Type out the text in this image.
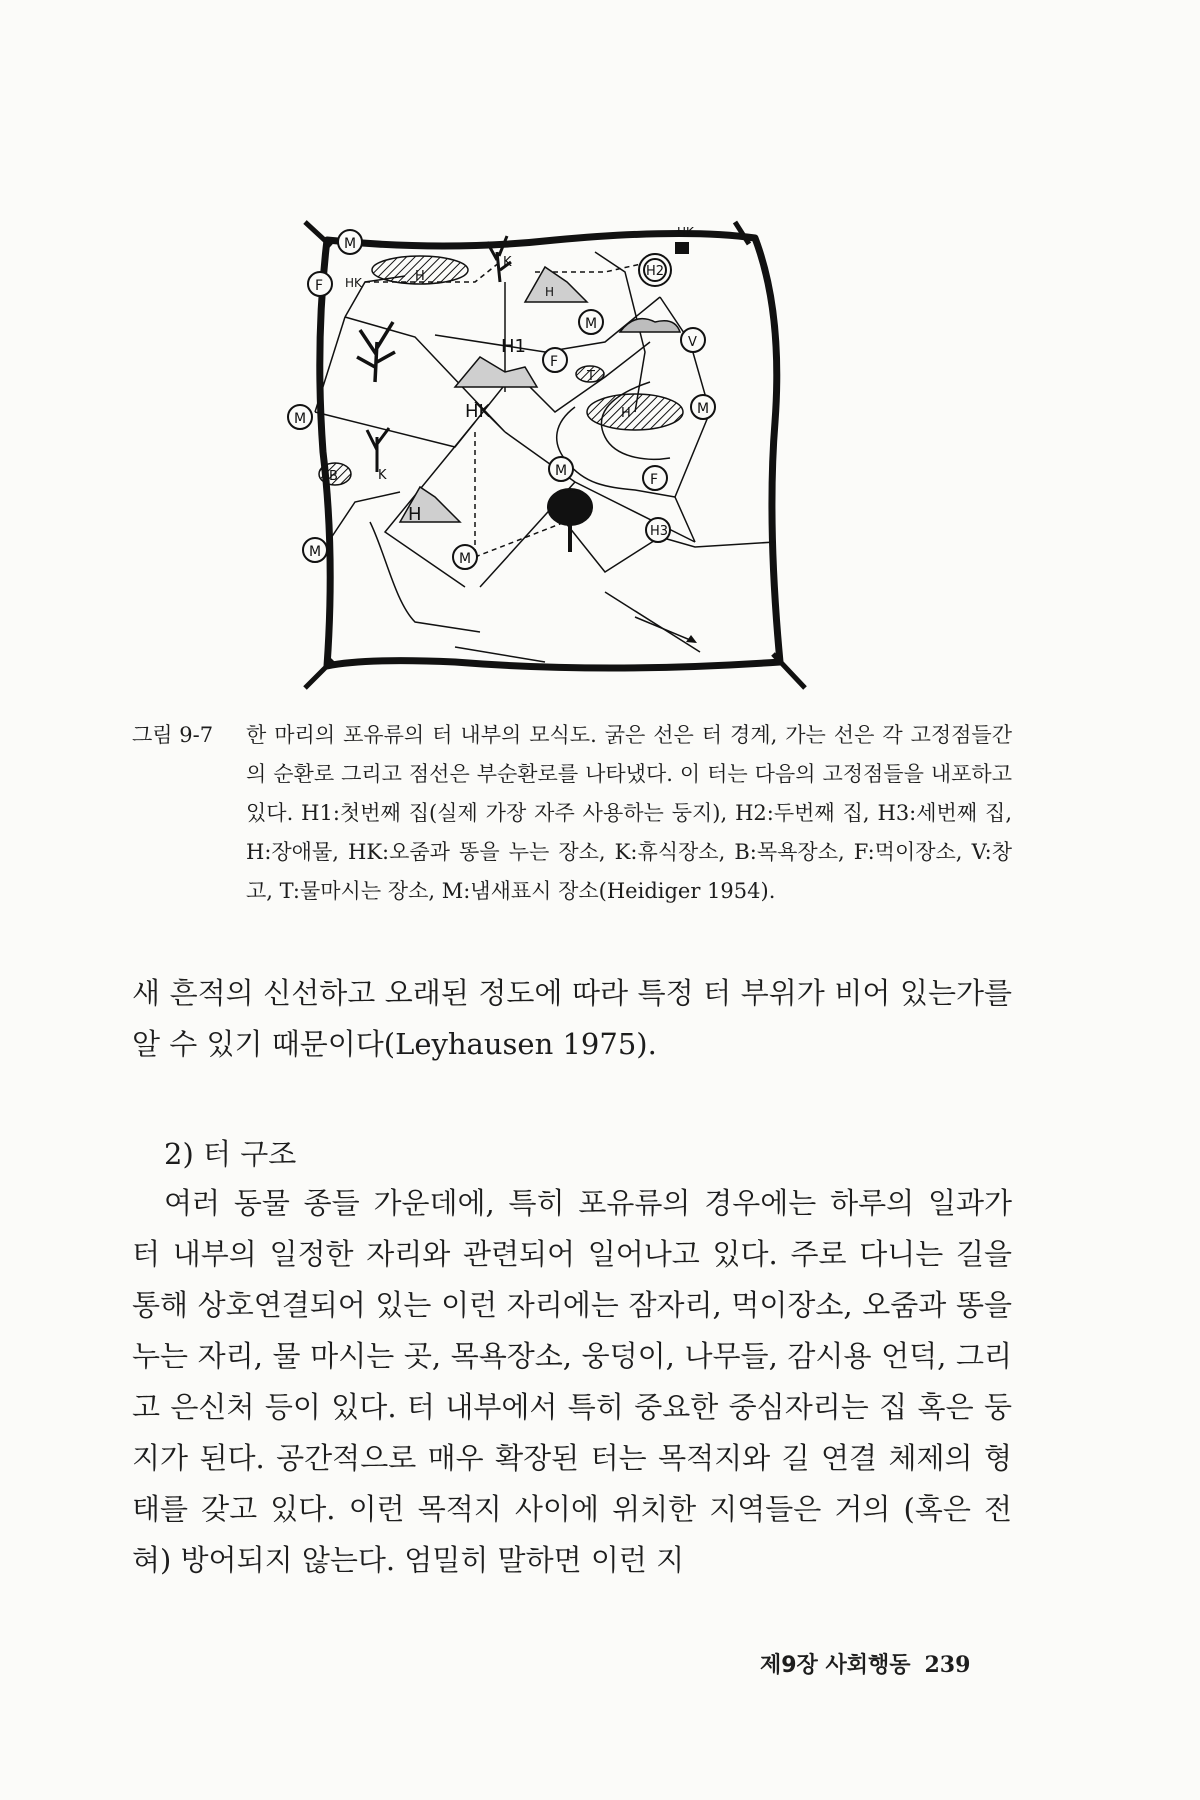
M
F HK	H
K
H
HK
H2
M
H1
F
V
T
M	HK	H	M
B	K	M
F
H
H3
M	M
그림 9-7	한 마리의 포유류의 터 내부의 모식도. 굵은 선은 터 경계, 가는 선은 각 고정점들간의 순환로 그리고 점선은 부순환로를 나타냈다. 이 터는 다음의 고정점들을 내포하고 있다. H1:첫번째 집(실제 가장 자주 사용하는 둥지), H2:두번째 집, H3:세번째 집, H:장애물, HK:오줌과 똥을 누는 장소, K:휴식장소, B:목욕장소, F:먹이장소, V:창고, T:물마시는 장소, M:냄새표시 장소(Heidiger 1954).
새 흔적의 신선하고 오래된 정도에 따라 특정 터 부위가 비어 있는가를 알 수 있기 때문이다(Leyhausen 1975).
2) 터 구조
여러 동물 종들 가운데에, 특히 포유류의 경우에는 하루의 일과가 터 내부의 일정한 자리와 관련되어 일어나고 있다. 주로 다니는 길을 통해 상호연결되어 있는 이런 자리에는 잠자리, 먹이장소, 오줌과 똥을 누는 자리, 물 마시는 곳, 목욕장소, 웅덩이, 나무들, 감시용 언덕, 그리고 은신처 등이 있다. 터 내부에서 특히 중요한 중심자리는 집 혹은 둥지가 된다. 공간적으로 매우 확장된 터는 목적지와 길 연결 체제의 형태를 갖고 있다. 이런 목적지 사이에 위치한 지역들은 거의 (혹은 전혀) 방어되지 않는다. 엄밀히 말하면 이런 지
제9장 사회행동 239
